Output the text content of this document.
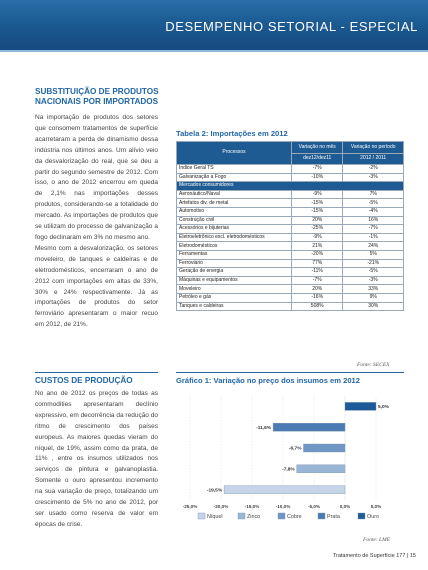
DESEMPENHO SETORIAL - ESPECIAL
SUBSTITUIÇÃO DE PRODUTOS
NACIONAIS POR IMPORTADOS

Na importação de produtos dos setores que consomem tratamentos de superfície acarretaram a perda de dinamismo dessa indústria nos últimos anos. Um alívio veio da desvalorização do real, que se deu a partir do segundo semestre de 2012. Com isso, o ano de 2012 encerrou em queda de 2,1% nas importações desses produtos, considerando-se a totalidade do mercado. As importações de produtos que se utilizam do processo de galvanização a fogo declinaram em 3% no mesmo ano.

Mesmo com a desvalorização, os setores moveleiro, de tanques e caldeiras e de eletrodomésticos, encerraram o ano de 2012 com importações em altas de 33%, 30% e 24% respectivamente. Já as importações de produtos do setor ferroviário apresentaram o maior recuo em 2012, de 21%.

Tabela 2: Importações em 2012
Processos	Variação no mês	Variação no período
	dez12/dez11	2012 / 2011
Índice Geral TS	-7%	-2%
Galvanização a Fogo	-10%	-3%
Mercados consumidores		
Aeronáutico/Naval	-9%	7%
Artefatos div. de metal	-15%	-5%
Automotivo	-15%	-4%
Construção civil	20%	16%
Acessórios e bijuterias	-25%	-7%
Eletroeletrônico excl. eletrodomésticos	-9%	-1%
Eletrodomésticos	21%	24%
Ferramentas	-20%	5%
Ferroviário	77%	-21%
Geração de energia	-11%	-5%
Máquinas e equipamentos	-7%	-3%
Moveleiro	20%	33%
Petróleo e gás	-16%	9%
Tanques e caldeiras	508%	30%
Fonte: SECEX
CUSTOS DE PRODUÇÃO

No ano de 2012 os preços de todas as commodities apresentaram declínio expressivo, em decorrência da redução do ritmo de crescimento dos países europeus. As maiores quedas vieram do níquel, de 19%, assim como da prata, de 11% , entre os insumos utilizados nos serviços de pintura e galvanoplastia. Somente o ouro apresentou incremento na sua variação de preço, totalizando um crescimento de 5% no ano de 2012, por ser usado como reserva de valor em épocas de crise.

Gráfico 1: Variação no preço dos insumos em 2012
-25,0%	-20,0%	-15,0%	-10,0%	-5,0%	0,0%	5,0%
5,0%
-11,6%
-6,7%
-7,8%
-19,5%
Níquel	Zinco	Cobre	Prata	Ouro
Fonte: LME
Tratamento de Superfície 177 | 15
